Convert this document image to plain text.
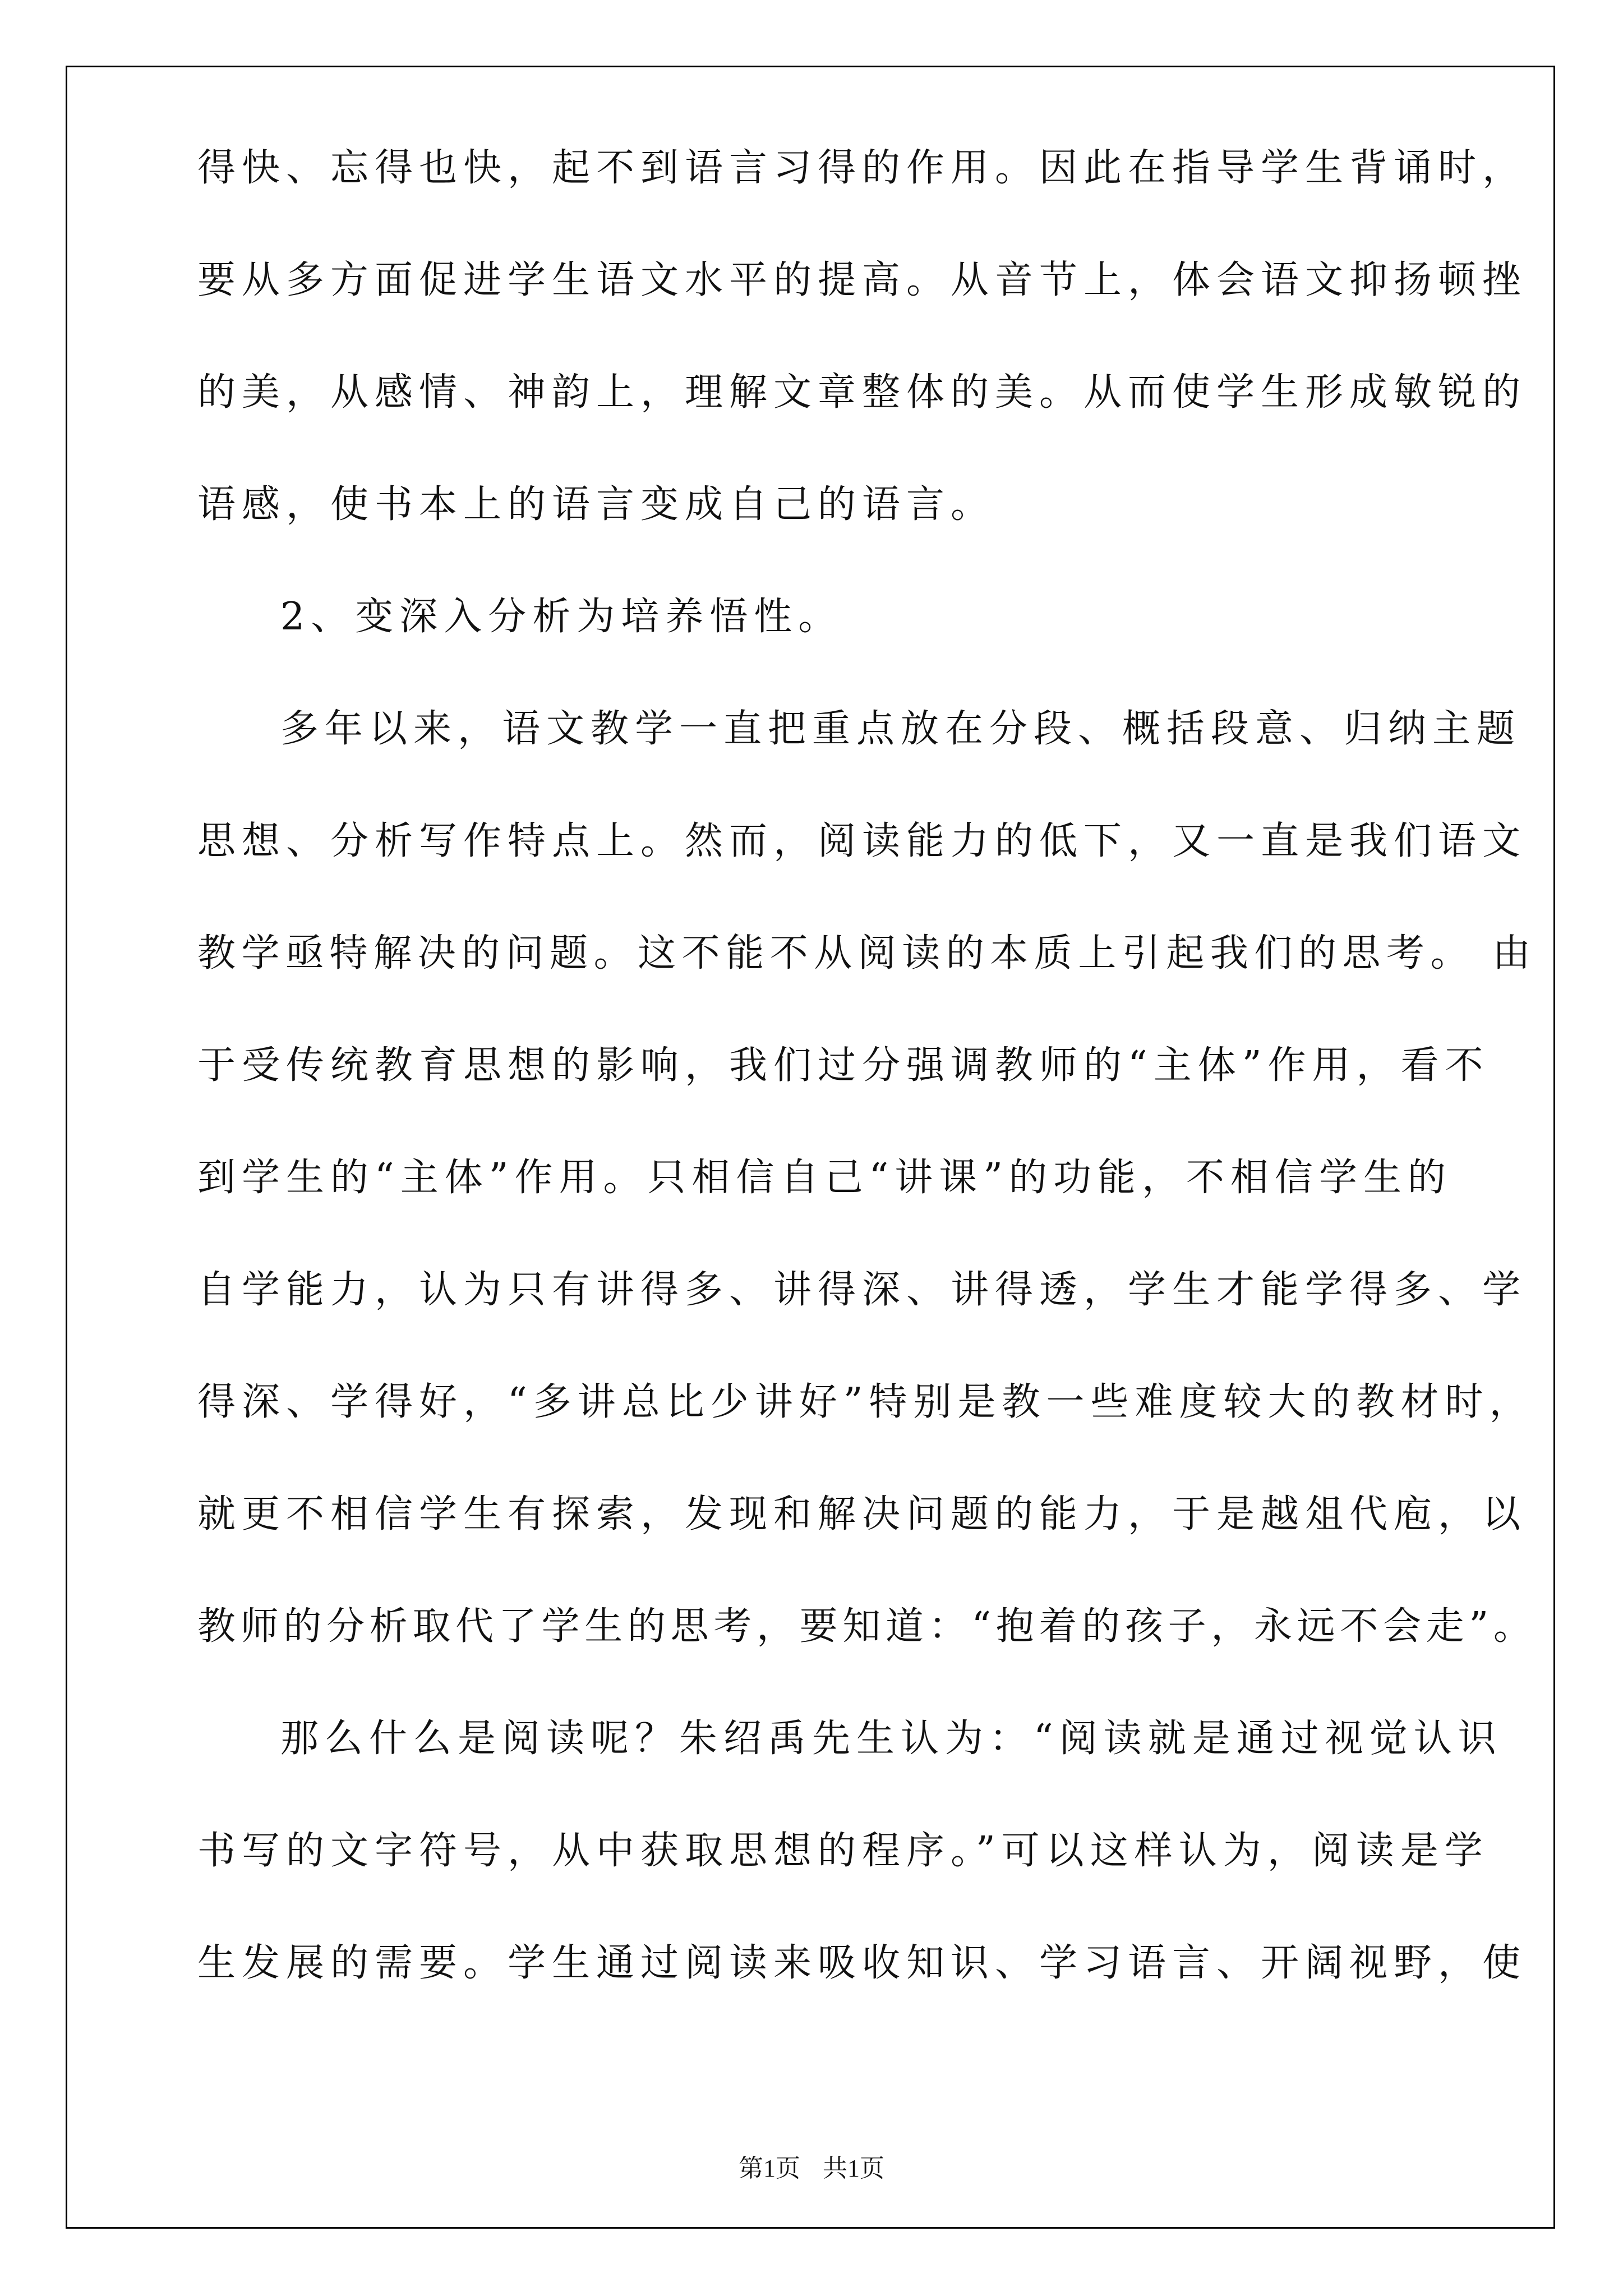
得快、忘得也快，起不到语言习得的作用。因此在指导学生背诵时，

要从多方面促进学生语文水平的提高。从音节上，体会语文抑扬顿挫

的美，从感情、神韵上，理解文章整体的美。从而使学生形成敏锐的

语感，使书本上的语言变成自己的语言。

2、变深入分析为培养悟性。

多年以来，语文教学一直把重点放在分段、概括段意、归纳主题

思想、分析写作特点上。然而，阅读能力的低下，又一直是我们语文

教学亟特解决的问题。这不能不从阅读的本质上引起我们的思考。 由

于受传统教育思想的影响，我们过分强调教师的“主体”作用，看不

到学生的“主体”作用。只相信自己“讲课”的功能，不相信学生的

自学能力，认为只有讲得多、讲得深、讲得透，学生才能学得多、学

得深、学得好，“多讲总比少讲好”特别是教一些难度较大的教材时，

就更不相信学生有探索，发现和解决问题的能力，于是越俎代庖，以

教师的分析取代了学生的思考，要知道：“抱着的孩子，永远不会走”。

那么什么是阅读呢？朱绍禹先生认为：“阅读就是通过视觉认识

书写的文字符号，从中获取思想的程序。”可以这样认为，阅读是学

生发展的需要。学生通过阅读来吸收知识、学习语言、开阔视野，使

第1页 共1页
